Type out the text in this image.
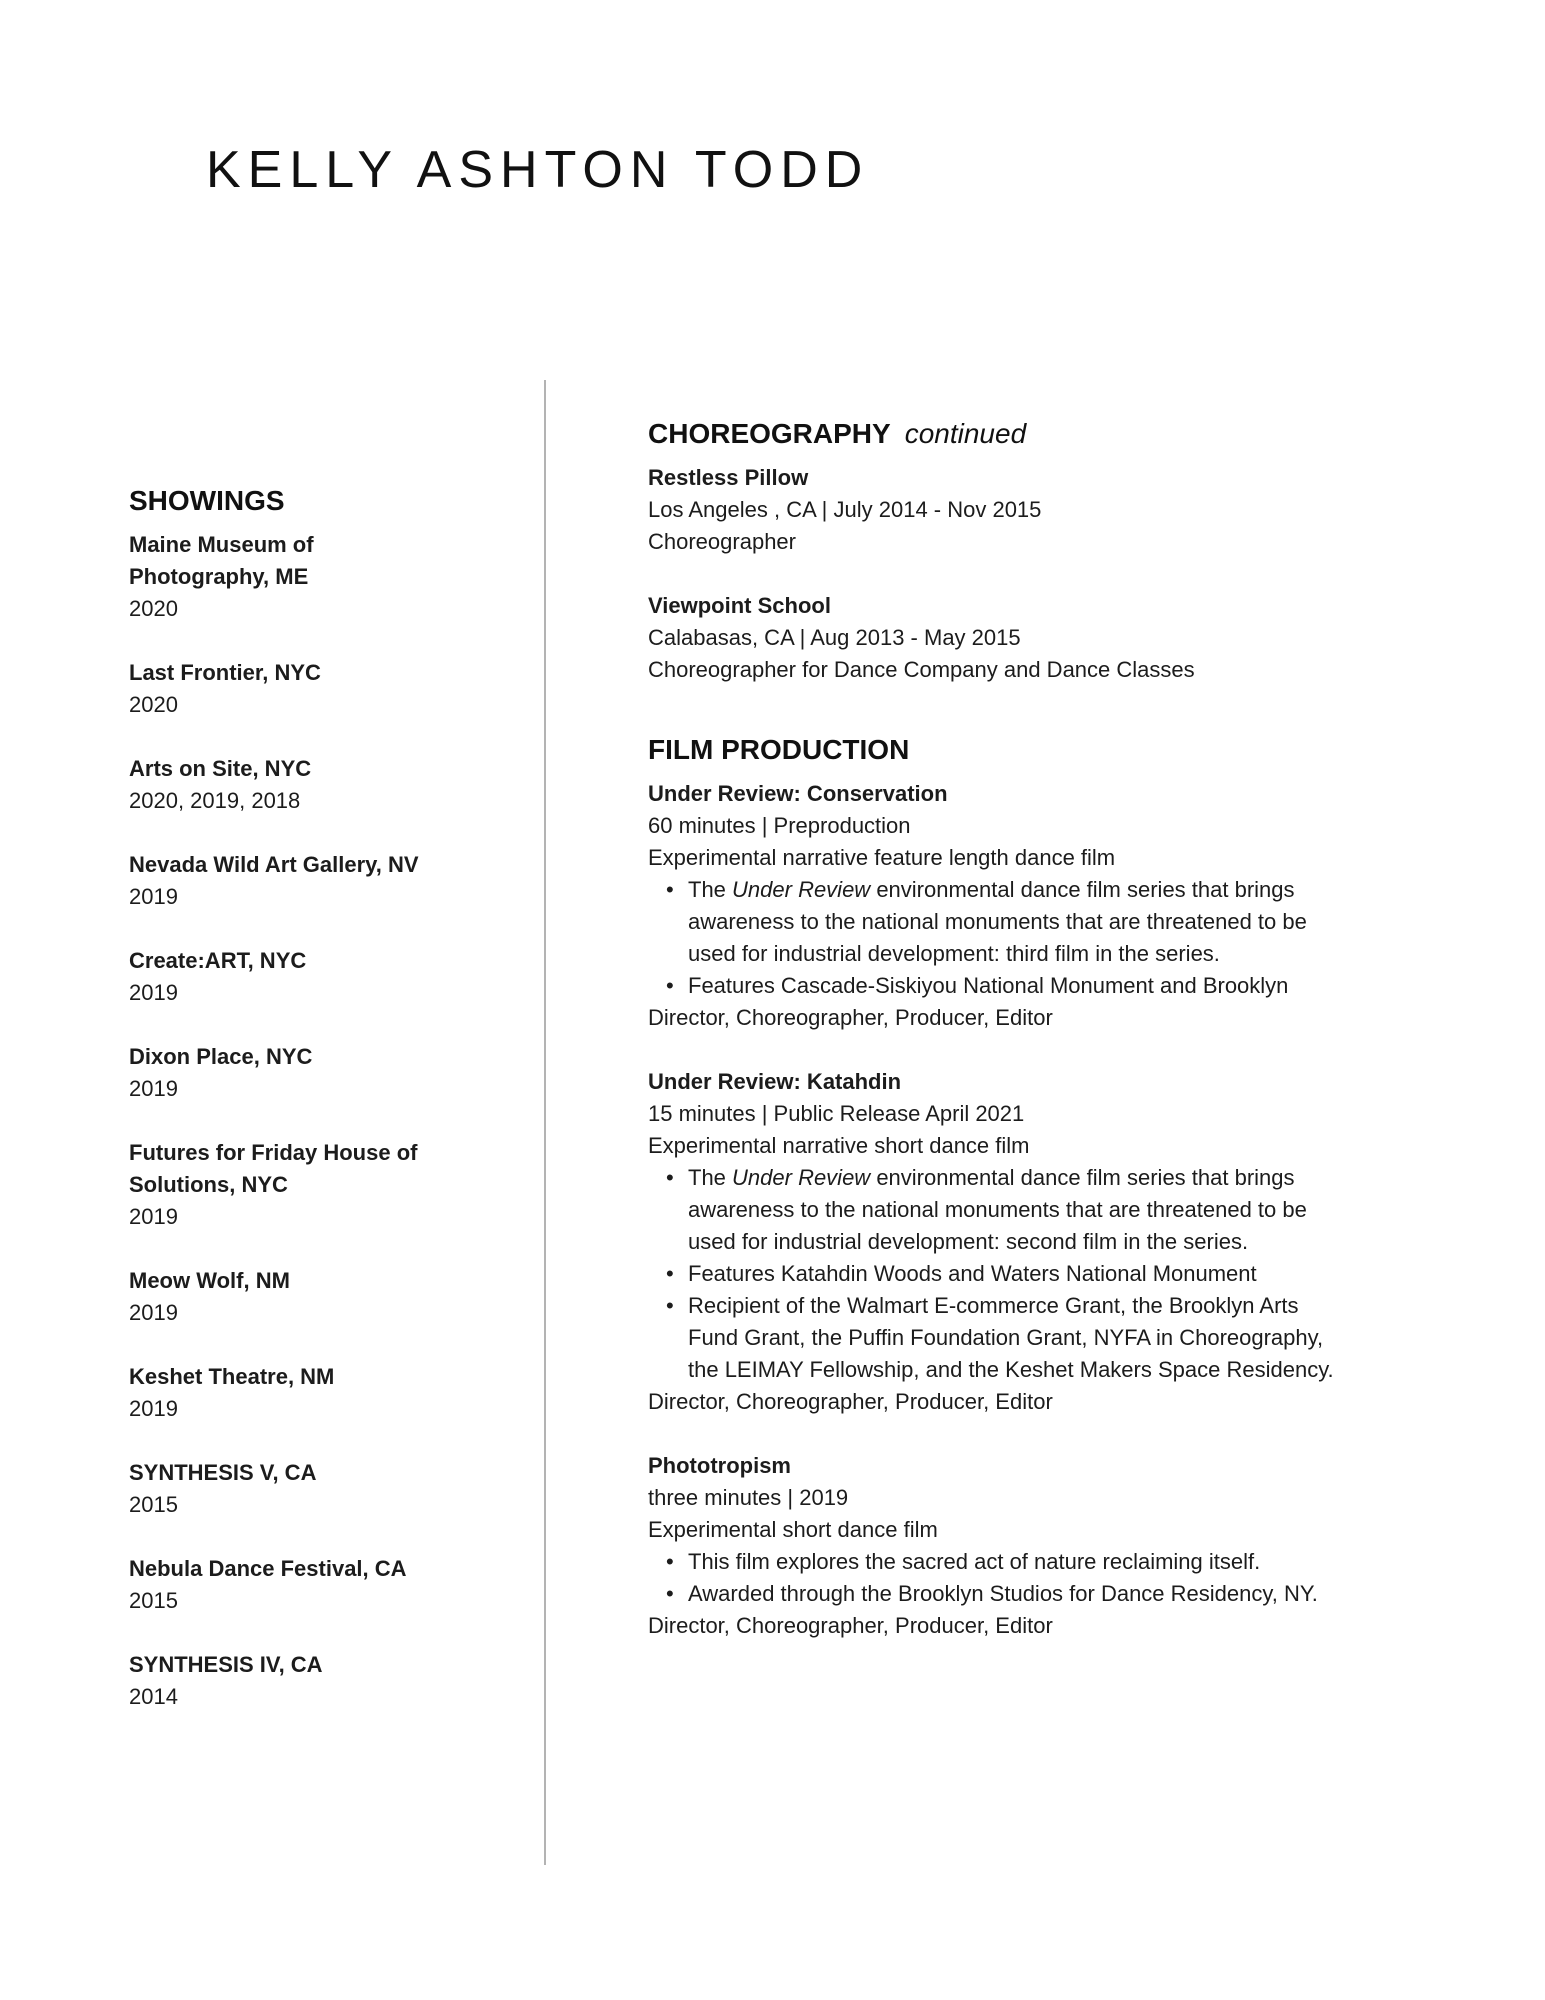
KELLY ASHTON TODD
SHOWINGS

Maine Museum of Photography, ME

2020

Last Frontier, NYC

2020

Arts on Site, NYC

2020, 2019, 2018

Nevada Wild Art Gallery, NV

2019

Create:ART, NYC

2019

Dixon Place, NYC

2019

Futures for Friday House of Solutions, NYC

2019

Meow Wolf, NM

2019

Keshet Theatre, NM

2019

SYNTHESIS V, CA

2015

Nebula Dance Festival, CA

2015

SYNTHESIS IV, CA

2014

CHOREOGRAPHY continued

Restless Pillow

Los Angeles , CA | July 2014 - Nov 2015

Choreographer

Viewpoint School

Calabasas, CA | Aug 2013 - May 2015

Choreographer for Dance Company and Dance Classes

FILM PRODUCTION

Under Review: Conservation

60 minutes | Preproduction

Experimental narrative feature length dance film

• The Under Review environmental dance film series that brings awareness to the national monuments that are threatened to be used for industrial development: third film in the series.
• Features Cascade-Siskiyou National Monument and Brooklyn

Director, Choreographer, Producer, Editor

Under Review: Katahdin

15 minutes | Public Release April 2021

Experimental narrative short dance film

• The Under Review environmental dance film series that brings awareness to the national monuments that are threatened to be used for industrial development: second film in the series.
• Features Katahdin Woods and Waters National Monument
• Recipient of the Walmart E-commerce Grant, the Brooklyn Arts Fund Grant, the Puffin Foundation Grant, NYFA in Choreography, the LEIMAY Fellowship, and the Keshet Makers Space Residency.

Director, Choreographer, Producer, Editor

Phototropism

three minutes | 2019

Experimental short dance film

• This film explores the sacred act of nature reclaiming itself.
• Awarded through the Brooklyn Studios for Dance Residency, NY.

Director, Choreographer, Producer, Editor
